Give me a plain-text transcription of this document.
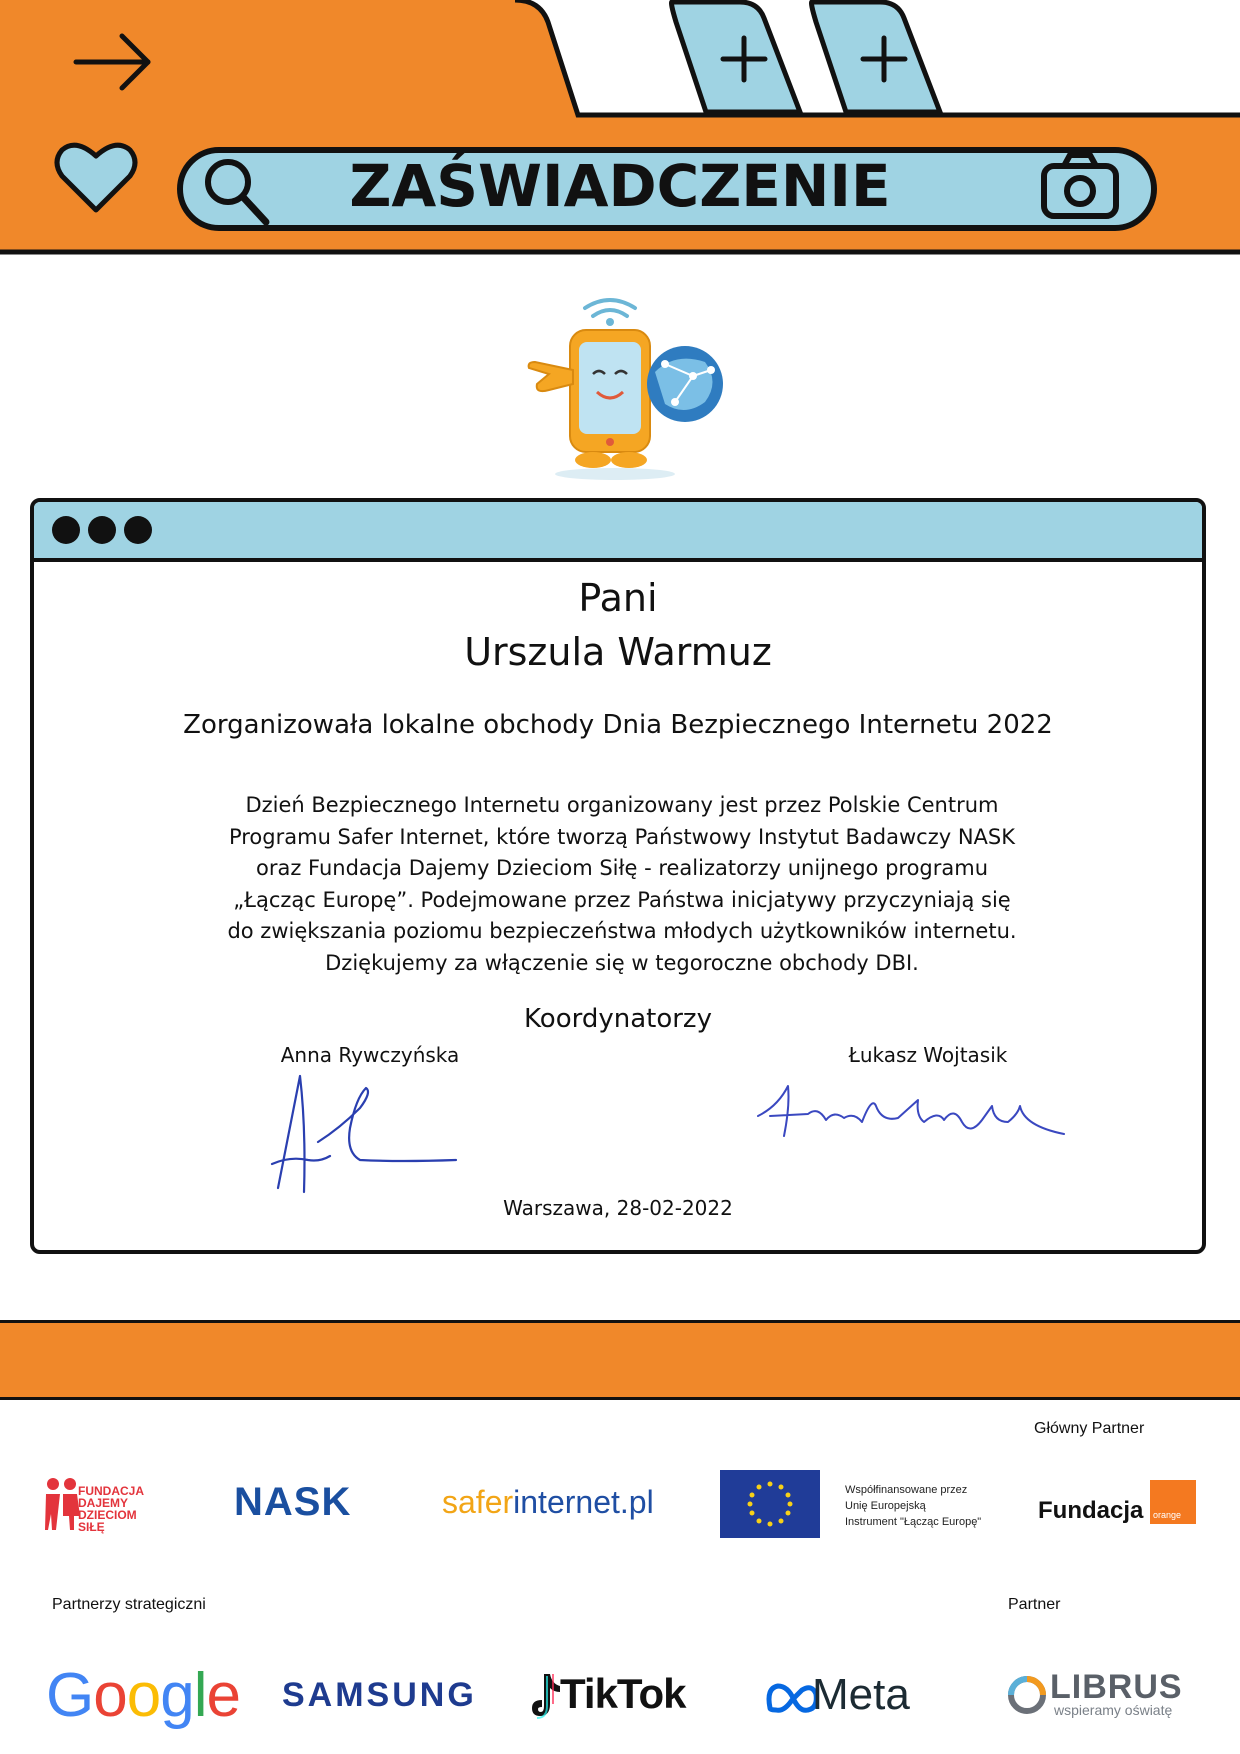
ZAŚWIADCZENIE
Pani
Urszula Warmuz
Zorganizowała lokalne obchody Dnia Bezpiecznego Internetu 2022
Dzień Bezpiecznego Internetu organizowany jest przez Polskie Centrum
Programu Safer Internet, które tworzą Państwowy Instytut Badawczy NASK
oraz Fundacja Dajemy Dzieciom Siłę - realizatorzy unijnego programu
„Łącząc Europę”. Podejmowane przez Państwa inicjatywy przyczyniają się
do zwiększania poziomu bezpieczeństwa młodych użytkowników internetu.
Dziękujemy za włączenie się w tegoroczne obchody DBI.
Koordynatorzy
Anna Rywczyńska	Łukasz Wojtasik
Warszawa, 28-02-2022
Główny Partner
Partnerzy strategiczni	Partner
FUNDACJA
DAJEMY
DZIECIOM
SIŁĘ
NASK	saferinternet.pl	Współfinansowane przez
Unię Europejską
Instrument "Łącząc Europę" Fundacja orange
Google SAMSUNG TikTok	Meta	LIBRUS
wspieramy oświatę
